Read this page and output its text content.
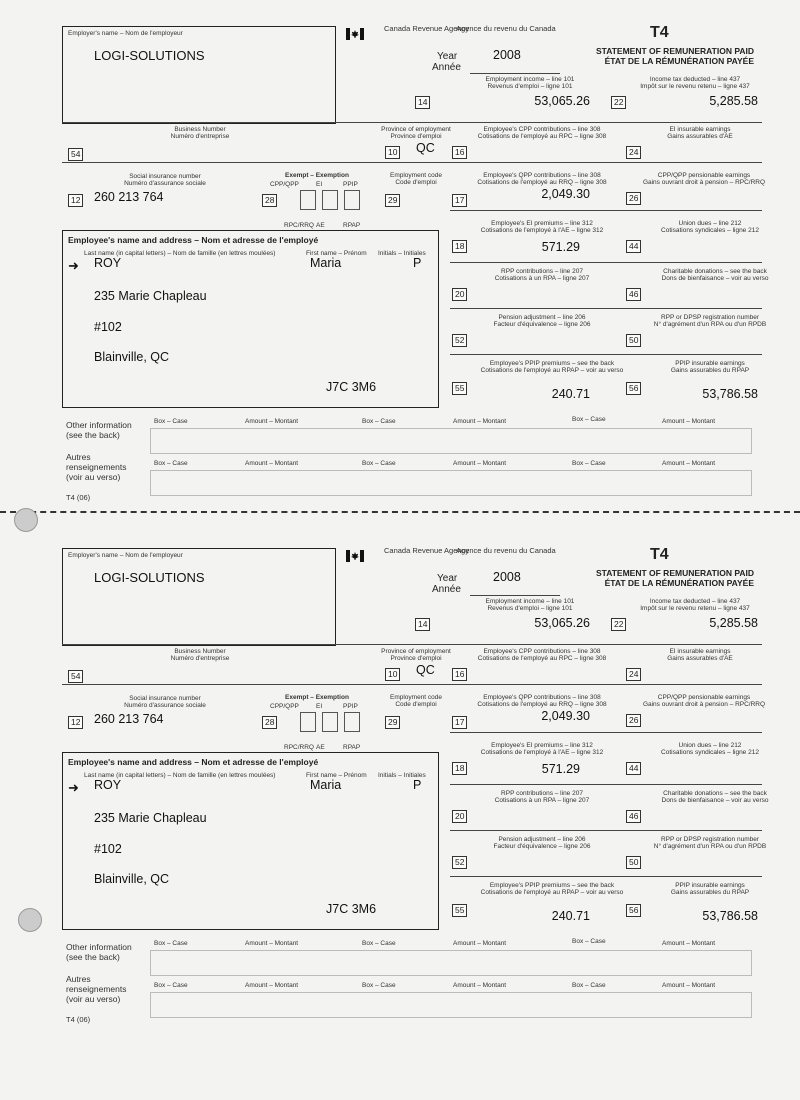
Employer's name – Nom de l'employeur
LOGI-SOLUTIONS
Canada Revenue Agency
Agence du revenu du Canada	T4
STATEMENT OF REMUNERATION PAID
ÉTAT DE LA RÉMUNÉRATION PAYÉE
Year
Année
2008
Employment income – line 101
Revenus d'emploi – ligne 101
Income tax deducted – line 437
Impôt sur le revenu retenu – ligne 437
14	53,065.26	22	5,285.58
Business Number
Numéro d'entreprise
Province of employment
Province d'emploi
Employee's CPP contributions – line 308
Cotisations de l'employé au RPC – ligne 308
EI insurable earnings
Gains assurables d'AE
54	10 QC	16	24
Social insurance number
Numéro d'assurance sociale
Exempt – Exemption
CPP/QPP	EI	PPIP
Employment code
Code d'emploi
Employee's QPP contributions – line 308
Cotisations de l'employé au RRQ – ligne 308
CPP/QPP pensionable earnings
Gains ouvrant droit à pension – RPC/RRQ
12 260 213 764	28	29	17	2,049.30	26
RPC/RRQ AE	RPAP
Employee's name and address – Nom et adresse de l'employé
Last name (in capital letters) – Nom de famille (en lettres moulées)	First name – Prénom Initials – Initiales
➜ ROY	Maria	P
235 Marie Chapleau
#102
Blainville, QC
J7C 3M6
Employee's EI premiums – line 312
Cotisations de l'employé à l'AE – ligne 312
Union dues – line 212
Cotisations syndicales – ligne 212
18	571.29	44
RPP contributions – line 207
Cotisations à un RPA – ligne 207
Charitable donations – see the back
Dons de bienfaisance – voir au verso
20	46
Pension adjustment – line 206
Facteur d'équivalence – ligne 206
RPP or DPSP registration number
N° d'agrément d'un RPA ou d'un RPDB
52	50
Employee's PPIP premiums – see the back
Cotisations de l'employé au RPAP – voir au verso
PPIP insurable earnings
Gains assurables du RPAP
55	240.71	56	53,786.58
Other information
(see the back)
Autres
renseignements
(voir au verso)
Box – Case	Amount – Montant	Box – Case	Amount – Montant	Box – Case	Amount – Montant
Box – Case	Amount – Montant	Box – Case	Amount – Montant	Box – Case	Amount – Montant
T4 (06)
Employer's name – Nom de l'employeur
LOGI-SOLUTIONS
Canada Revenue Agency
Agence du revenu du Canada	T4
STATEMENT OF REMUNERATION PAID
ÉTAT DE LA RÉMUNÉRATION PAYÉE
Year
Année
2008
Employment income – line 101
Revenus d'emploi – ligne 101
Income tax deducted – line 437
Impôt sur le revenu retenu – ligne 437
14	53,065.26	22	5,285.58
Business Number
Numéro d'entreprise
Province of employment
Province d'emploi
Employee's CPP contributions – line 308
Cotisations de l'employé au RPC – ligne 308
EI insurable earnings
Gains assurables d'AE
54	10 QC	16	24
Social insurance number
Numéro d'assurance sociale
Exempt – Exemption
CPP/QPP	EI	PPIP
Employment code
Code d'emploi
Employee's QPP contributions – line 308
Cotisations de l'employé au RRQ – ligne 308
CPP/QPP pensionable earnings
Gains ouvrant droit à pension – RPC/RRQ
12 260 213 764	28	29	17	2,049.30	26
RPC/RRQ AE	RPAP
Employee's name and address – Nom et adresse de l'employé
Last name (in capital letters) – Nom de famille (en lettres moulées)	First name – Prénom Initials – Initiales
➜ ROY	Maria	P
235 Marie Chapleau
#102
Blainville, QC
J7C 3M6
Employee's EI premiums – line 312
Cotisations de l'employé à l'AE – ligne 312
Union dues – line 212
Cotisations syndicales – ligne 212
18	571.29	44
RPP contributions – line 207
Cotisations à un RPA – ligne 207
Charitable donations – see the back
Dons de bienfaisance – voir au verso
20	46
Pension adjustment – line 206
Facteur d'équivalence – ligne 206
RPP or DPSP registration number
N° d'agrément d'un RPA ou d'un RPDB
52	50
Employee's PPIP premiums – see the back
Cotisations de l'employé au RPAP – voir au verso
PPIP insurable earnings
Gains assurables du RPAP
55	240.71	56	53,786.58
Other information
(see the back)
Autres
renseignements
(voir au verso)
Box – Case	Amount – Montant	Box – Case	Amount – Montant	Box – Case	Amount – Montant
Box – Case	Amount – Montant	Box – Case	Amount – Montant	Box – Case	Amount – Montant
T4 (06)
